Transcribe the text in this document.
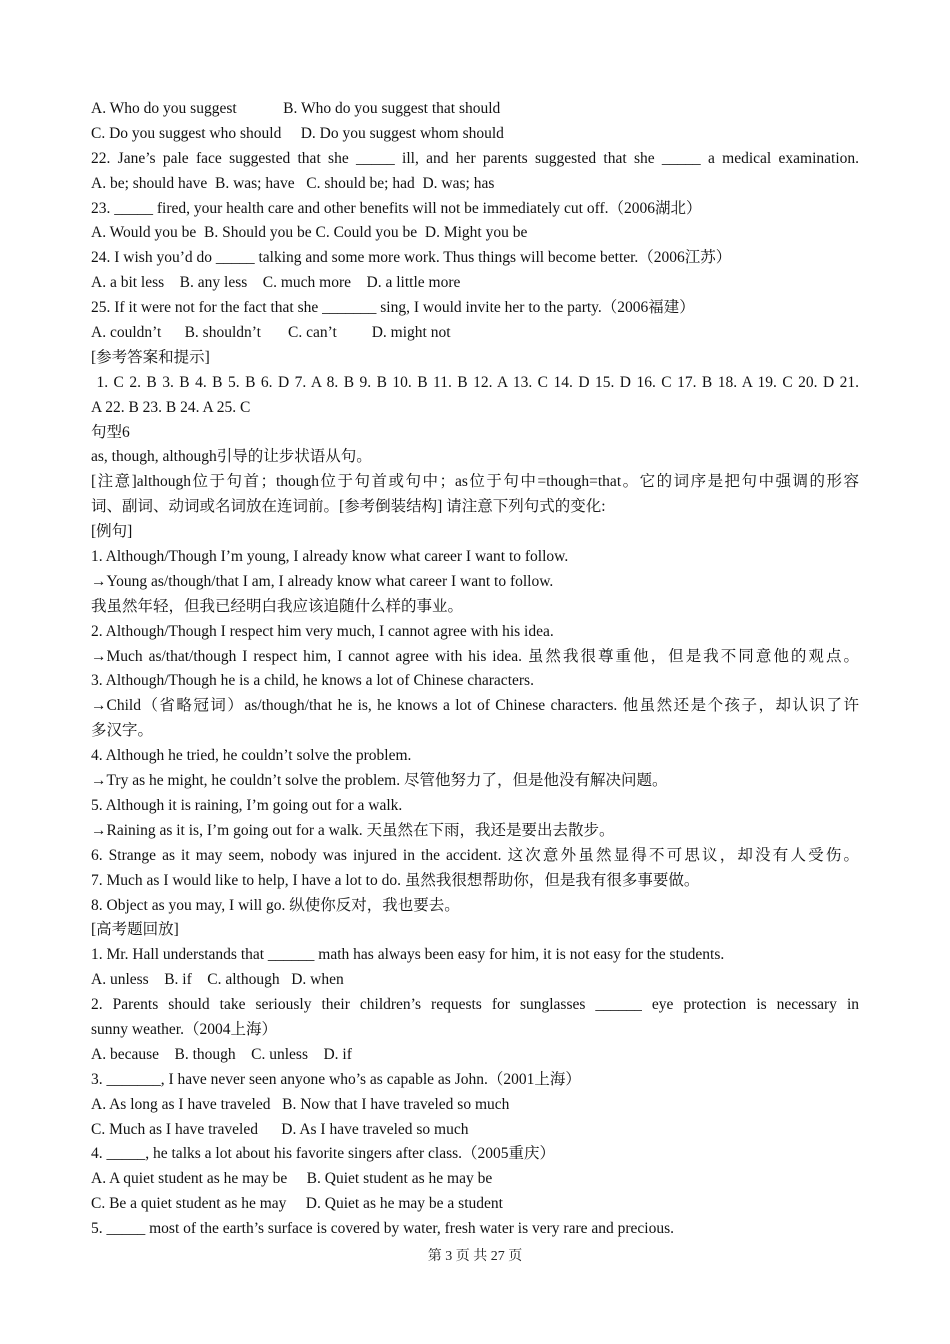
A. Who do you suggest            B. Who do you suggest that should
C. Do you suggest who should     D. Do you suggest whom should
22. Jane’s pale face suggested that she _____ ill, and her parents suggested that she _____ a medical examination.
A. be; should have  B. was; have   C. should be; had  D. was; has
23. _____ fired, your health care and other benefits will not be immediately cut off.（2006湖北）
A. Would you be  B. Should you be C. Could you be  D. Might you be
24. I wish you’d do _____ talking and some more work. Thus things will become better.（2006江苏）
A. a bit less    B. any less    C. much more    D. a little more
25. If it were not for the fact that she _______ sing, I would invite her to the party.（2006福建）
A. couldn’t      B. shouldn’t       C. can’t         D. might not
[参考答案和提示]
1. C 2. B 3. B 4. B 5. B 6. D 7. A 8. B 9. B 10. B 11. B 12. A 13. C 14. D 15. D 16. C 17. B 18. A 19. C 20. D 21.
A 22. B 23. B 24. A 25. C
句型6
as, though, although引导的让步状语从句。
[注意]although位于句首；though位于句首或句中；as位于句中=though=that。它的词序是把句中强调的形容
词、副词、动词或名词放在连词前。[参考倒装结构] 请注意下列句式的变化:
[例句]
1. Although/Though I’m young, I already know what career I want to follow.
→Young as/though/that I am, I already know what career I want to follow.
我虽然年轻，但我已经明白我应该追随什么样的事业。
2. Although/Though I respect him very much, I cannot agree with his idea.
→Much as/that/though I respect him, I cannot agree with his idea. 虽然我很尊重他，但是我不同意他的观点。
3. Although/Though he is a child, he knows a lot of Chinese characters.
→Child（省略冠词）as/though/that he is, he knows a lot of Chinese characters. 他虽然还是个孩子，却认识了许
多汉字。
4. Although he tried, he couldn’t solve the problem.
→Try as he might, he couldn’t solve the problem. 尽管他努力了，但是他没有解决问题。
5. Although it is raining, I’m going out for a walk.
→Raining as it is, I’m going out for a walk. 天虽然在下雨，我还是要出去散步。
6. Strange as it may seem, nobody was injured in the accident. 这次意外虽然显得不可思议，却没有人受伤。
7. Much as I would like to help, I have a lot to do. 虽然我很想帮助你，但是我有很多事要做。
8. Object as you may, I will go. 纵使你反对，我也要去。
[高考题回放]
1. Mr. Hall understands that ______ math has always been easy for him, it is not easy for the students.
A. unless    B. if    C. although   D. when
2. Parents should take seriously their children’s requests for sunglasses ______ eye protection is necessary in
sunny weather.（2004上海）
A. because    B. though    C. unless    D. if
3. _______, I have never seen anyone who’s as capable as John.（2001上海）
A. As long as I have traveled   B. Now that I have traveled so much
C. Much as I have traveled      D. As I have traveled so much
4. _____, he talks a lot about his favorite singers after class.（2005重庆）
A. A quiet student as he may be     B. Quiet student as he may be
C. Be a quiet student as he may     D. Quiet as he may be a student
5. _____ most of the earth’s surface is covered by water, fresh water is very rare and precious.
第 3 页 共 27 页
